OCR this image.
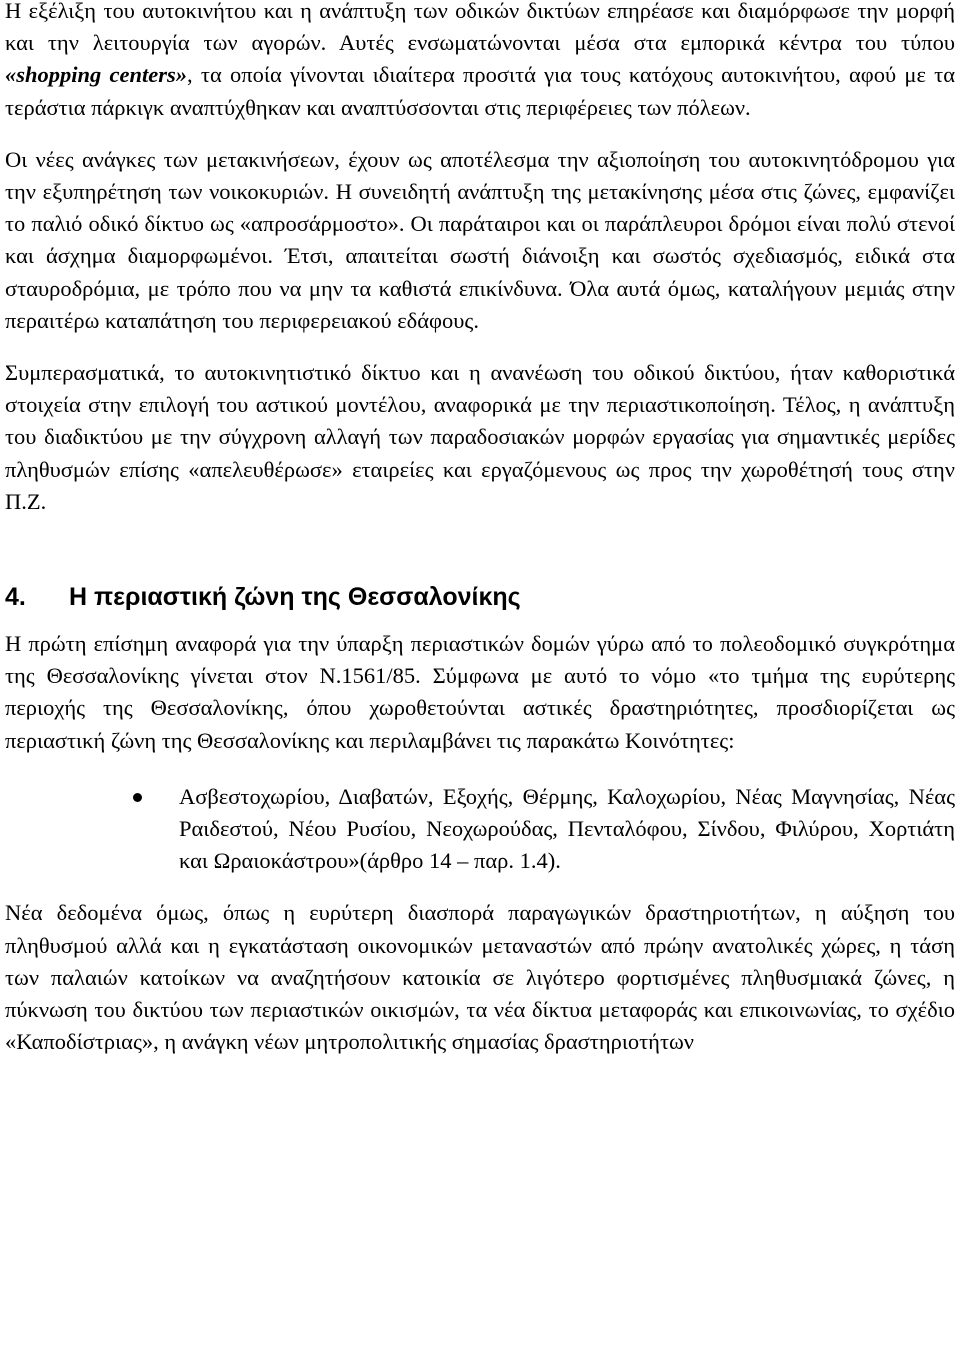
Η εξέλιξη του αυτοκινήτου και η ανάπτυξη των οδικών δικτύων επηρέασε και διαμόρφωσε την μορφή και την λειτουργία των αγορών. Αυτές ενσωματώνονται μέσα στα εμπορικά κέντρα του τύπου «shopping centers», τα οποία γίνονται ιδιαίτερα προσιτά για τους κατόχους αυτοκινήτου, αφού με τα τεράστια πάρκιγκ αναπτύχθηκαν και αναπτύσσονται στις περιφέρειες των πόλεων.

Οι νέες ανάγκες των μετακινήσεων, έχουν ως αποτέλεσμα την αξιοποίηση του αυτοκινητόδρομου για την εξυπηρέτηση των νοικοκυριών. Η συνειδητή ανάπτυξη της μετακίνησης μέσα στις ζώνες, εμφανίζει το παλιό οδικό δίκτυο ως «απροσάρμοστο». Οι παράταιροι και οι παράπλευροι δρόμοι είναι πολύ στενοί και άσχημα διαμορφωμένοι. Έτσι, απαιτείται σωστή διάνοιξη και σωστός σχεδιασμός, ειδικά στα σταυροδρόμια, με τρόπο που να μην τα καθιστά επικίνδυνα. Όλα αυτά όμως, καταλήγουν μεμιάς στην περαιτέρω καταπάτηση του περιφερειακού εδάφους.

Συμπερασματικά, το αυτοκινητιστικό δίκτυο και η ανανέωση του οδικού δικτύου, ήταν καθοριστικά στοιχεία στην επιλογή του αστικού μοντέλου, αναφορικά με την περιαστικοποίηση. Τέλος, η ανάπτυξη του διαδικτύου με την σύγχρονη αλλαγή των παραδοσιακών μορφών εργασίας για σημαντικές μερίδες πληθυσμών επίσης «απελευθέρωσε» εταιρείες και εργαζόμενους ως προς την χωροθέτησή τους στην Π.Ζ.

4.	Η περιαστική ζώνη της Θεσσαλονίκης

Η πρώτη επίσημη αναφορά για την ύπαρξη περιαστικών δομών γύρω από το πολεοδομικό συγκρότημα της Θεσσαλονίκης γίνεται στον Ν.1561/85. Σύμφωνα με αυτό το νόμο «το τμήμα της ευρύτερης περιοχής της Θεσσαλονίκης, όπου χωροθετούνται αστικές δραστηριότητες, προσδιορίζεται ως περιαστική ζώνη της Θεσσαλονίκης και περιλαμβάνει τις παρακάτω Κοινότητες:

Ασβεστοχωρίου, Διαβατών, Εξοχής, Θέρμης, Καλοχωρίου, Νέας Μαγνησίας, Νέας Ραιδεστού, Νέου Ρυσίου, Νεοχωρούδας, Πενταλόφου, Σίνδου, Φιλύρου, Χορτιάτη και Ωραιοκάστρου»(άρθρο 14 – παρ. 1.4).

Νέα δεδομένα όμως, όπως η ευρύτερη διασπορά παραγωγικών δραστηριοτήτων, η αύξηση του πληθυσμού αλλά και η εγκατάσταση οικονομικών μεταναστών από πρώην ανατολικές χώρες, η τάση των παλαιών κατοίκων να αναζητήσουν κατοικία σε λιγότερο φορτισμένες πληθυσμιακά ζώνες, η πύκνωση του δικτύου των περιαστικών οικισμών, τα νέα δίκτυα μεταφοράς και επικοινωνίας, το σχέδιο «Καποδίστριας», η ανάγκη νέων μητροπολιτικής σημασίας δραστηριοτήτων
